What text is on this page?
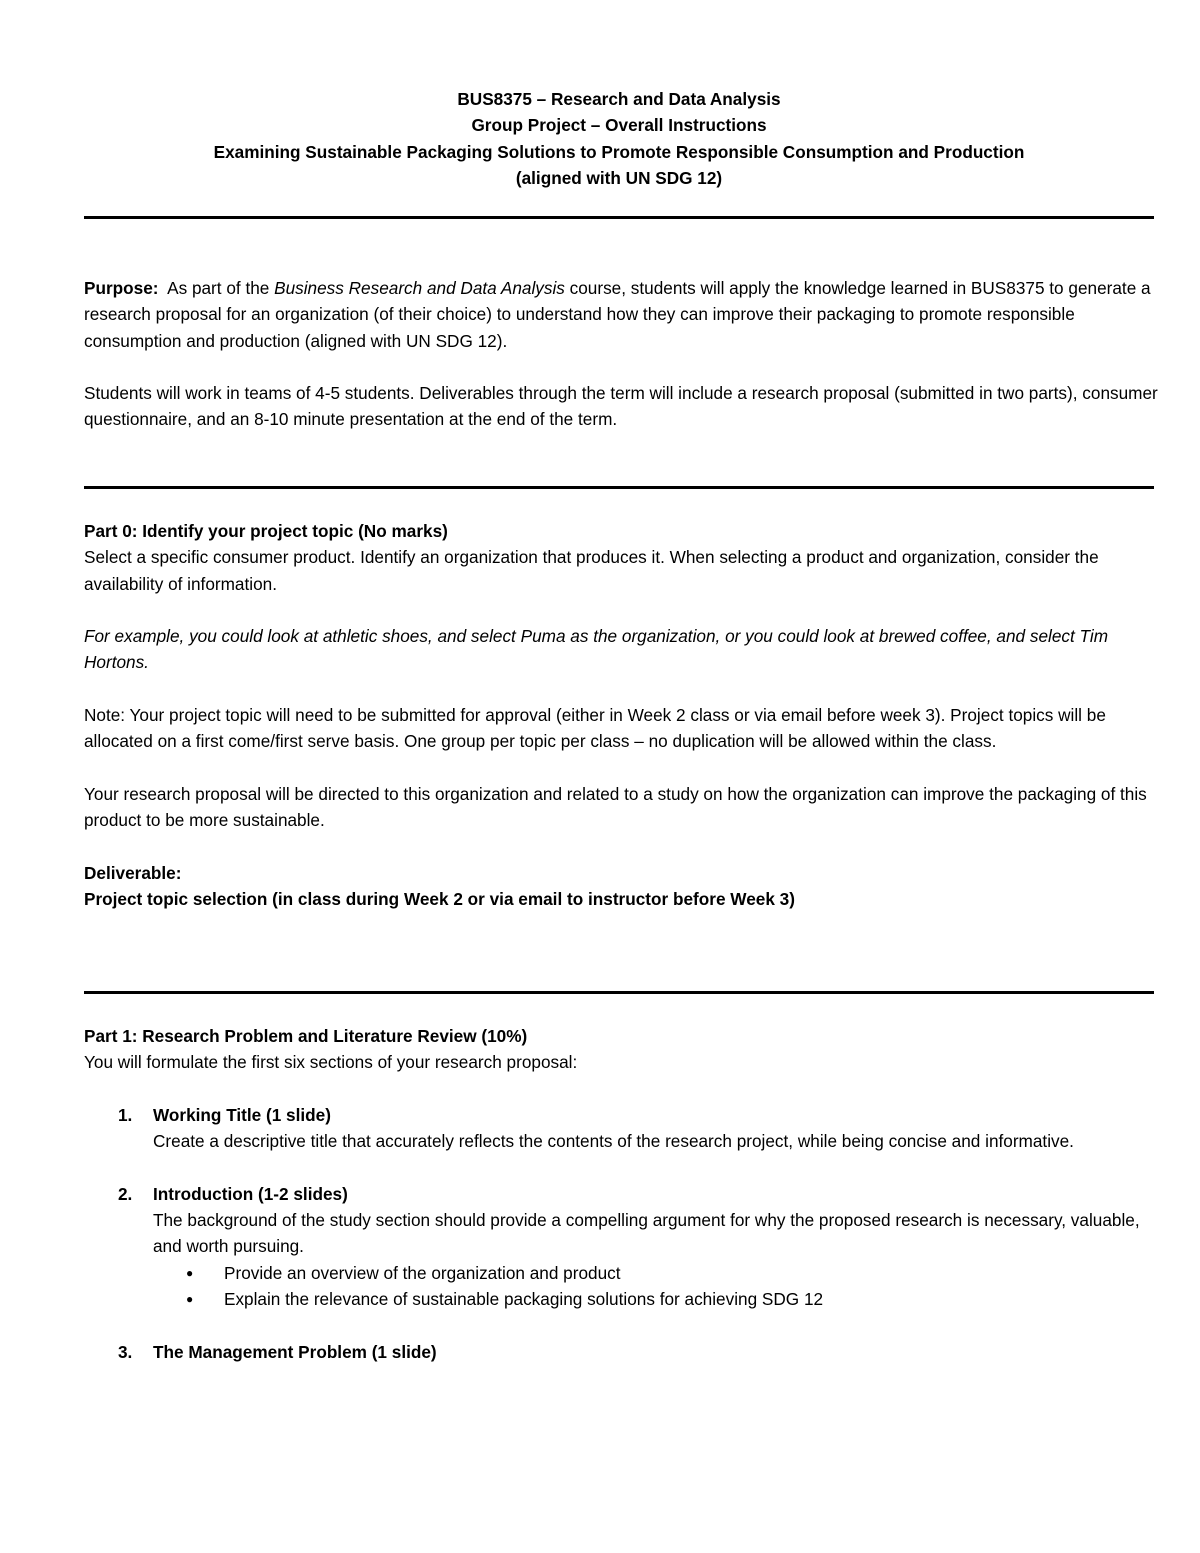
BUS8375 – Research and Data Analysis
Group Project – Overall Instructions
Examining Sustainable Packaging Solutions to Promote Responsible Consumption and Production
(aligned with UN SDG 12)

Purpose: As part of the Business Research and Data Analysis course, students will apply the knowledge learned in BUS8375 to generate a research proposal for an organization (of their choice) to understand how they can improve their packaging to promote responsible consumption and production (aligned with UN SDG 12).

Students will work in teams of 4-5 students. Deliverables through the term will include a research proposal (submitted in two parts), consumer questionnaire, and an 8-10 minute presentation at the end of the term.

Part 0: Identify your project topic (No marks)

Select a specific consumer product. Identify an organization that produces it. When selecting a product and organization, consider the availability of information.

For example, you could look at athletic shoes, and select Puma as the organization, or you could look at brewed coffee, and select Tim Hortons.

Note: Your project topic will need to be submitted for approval (either in Week 2 class or via email before week 3). Project topics will be allocated on a first come/first serve basis. One group per topic per class – no duplication will be allowed within the class.

Your research proposal will be directed to this organization and related to a study on how the organization can improve the packaging of this product to be more sustainable.

Deliverable:

Project topic selection (in class during Week 2 or via email to instructor before Week 3)

Part 1: Research Problem and Literature Review (10%)

You will formulate the first six sections of your research proposal:

1. Working Title (1 slide)
Create a descriptive title that accurately reflects the contents of the research project, while being concise and informative.
2. Introduction (1-2 slides)
The background of the study section should provide a compelling argument for why the proposed research is necessary, valuable, and worth pursuing.
● Provide an overview of the organization and product
● Explain the relevance of sustainable packaging solutions for achieving SDG 12
3. The Management Problem (1 slide)
